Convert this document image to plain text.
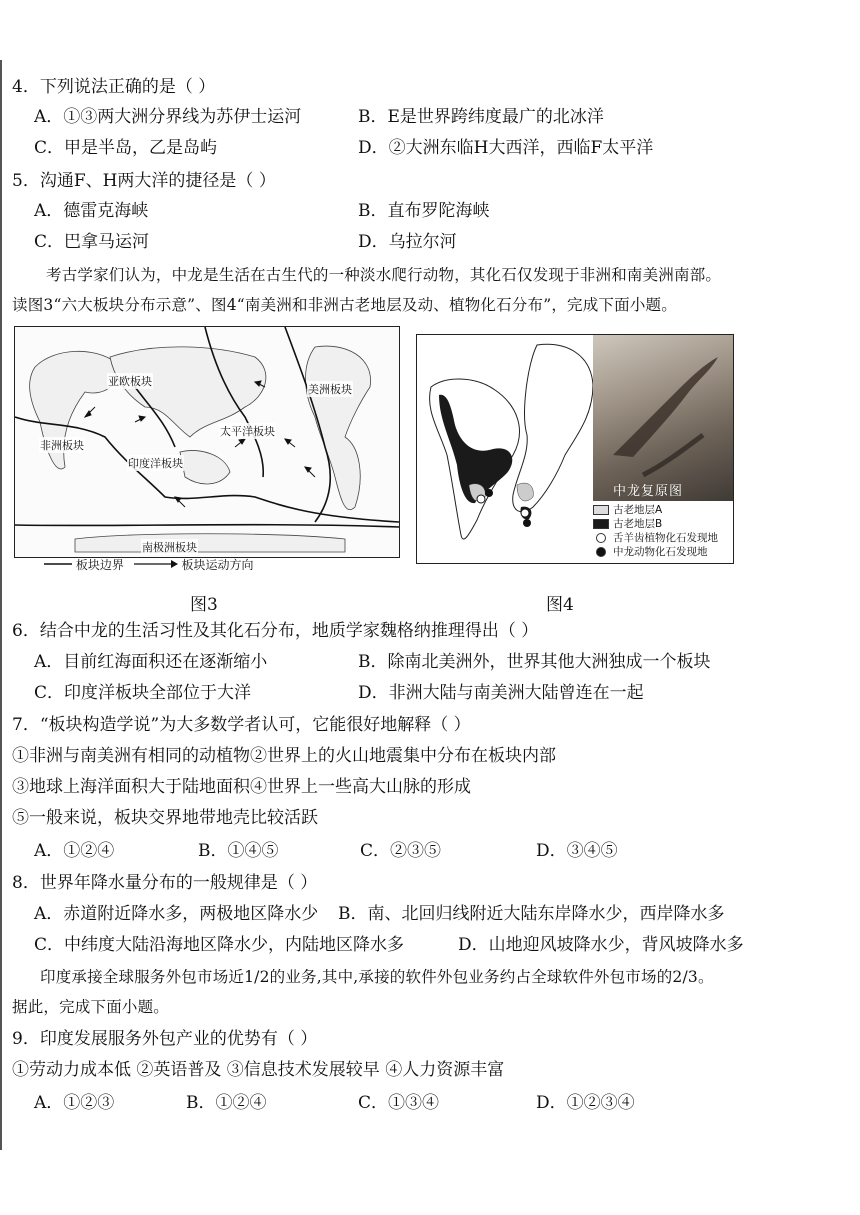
4．下列说法正确的是（ ）
A．①③两大洲分界线为苏伊士运河	B．E是世界跨纬度最广的北冰洋
C．甲是半岛，乙是岛屿	D．②大洲东临H大西洋，西临F太平洋
5．沟通F、H两大洋的捷径是（ ）
A．德雷克海峡	B．直布罗陀海峡
C．巴拿马运河	D．乌拉尔河
考古学家们认为，中龙是生活在古生代的一种淡水爬行动物，其化石仅发现于非洲和南美洲南部。
读图3“六大板块分布示意”、图4“南美洲和非洲古老地层及动、植物化石分布”，完成下面小题。
亚欧板块
美洲板块
非洲板块
太平洋板块
印度洋板块
南极洲板块
板块边界	板块运动方向
图3
中龙复原图
古老地层A
古老地层B
舌羊齿植物化石发现地
中龙动物化石发现地
图4
6．结合中龙的生活习性及其化石分布，地质学家魏格纳推理得出（ ）
A．目前红海面积还在逐渐缩小	B．除南北美洲外，世界其他大洲独成一个板块
C．印度洋板块全部位于大洋	D．非洲大陆与南美洲大陆曾连在一起
7．“板块构造学说”为大多数学者认可，它能很好地解释（ ）
①非洲与南美洲有相同的动植物②世界上的火山地震集中分布在板块内部
③地球上海洋面积大于陆地面积④世界上一些高大山脉的形成
⑤一般来说，板块交界地带地壳比较活跃
A．①②④	B．①④⑤	C．②③⑤	D．③④⑤
8．世界年降水量分布的一般规律是（ ）
A．赤道附近降水多，两极地区降水少 B．南、北回归线附近大陆东岸降水少，西岸降水多
C．中纬度大陆沿海地区降水少，内陆地区降水多	D．山地迎风坡降水少，背风坡降水多
印度承接全球服务外包市场近1/2的业务,其中,承接的软件外包业务约占全球软件外包市场的2/3。
据此，完成下面小题。
9．印度发展服务外包产业的优势有（ ）
①劳动力成本低 ②英语普及 ③信息技术发展较早 ④人力资源丰富
A．①②③	B．①②④	C．①③④	D．①②③④
